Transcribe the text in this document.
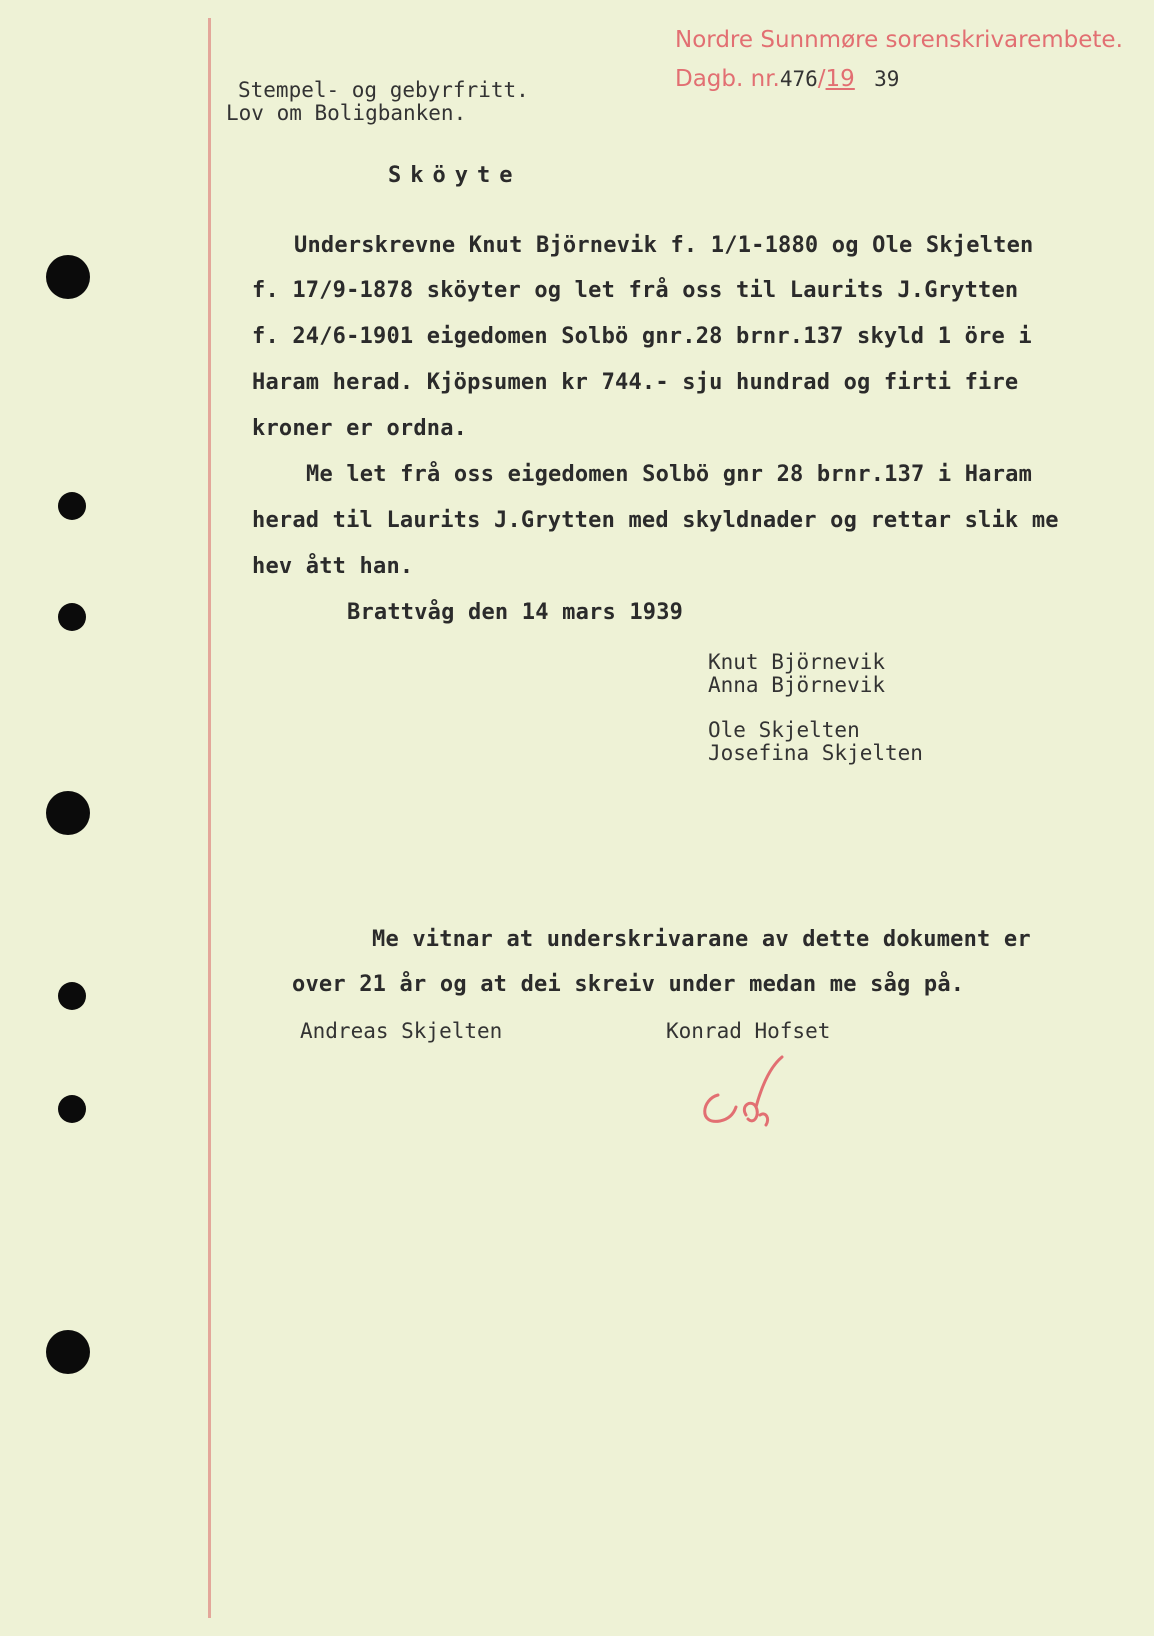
Nordre Sunnmøre sorenskrivarembete.
Dagb. nr.476/19 39
Stempel- og gebyrfritt.
Lov om Boligbanken.
Sköyte
Underskrevne Knut Björnevik f. 1/1-1880 og Ole Skjelten
f. 17/9-1878 sköyter og let frå oss til Laurits J.Grytten
f. 24/6-1901 eigedomen Solbö gnr.28 brnr.137 skyld 1 öre i
Haram herad. Kjöpsumen kr 744.- sju hundrad og firti fire
kroner er ordna.
Me let frå oss eigedomen Solbö gnr 28 brnr.137 i Haram
herad til Laurits J.Grytten med skyldnader og rettar slik me
hev ått han.
Brattvåg den 14 mars 1939
Knut Björnevik
Anna Björnevik
Ole Skjelten
Josefina Skjelten
Me vitnar at underskrivarane av dette dokument er
over 21 år og at dei skreiv under medan me såg på.
Andreas Skjelten	Konrad Hofset
